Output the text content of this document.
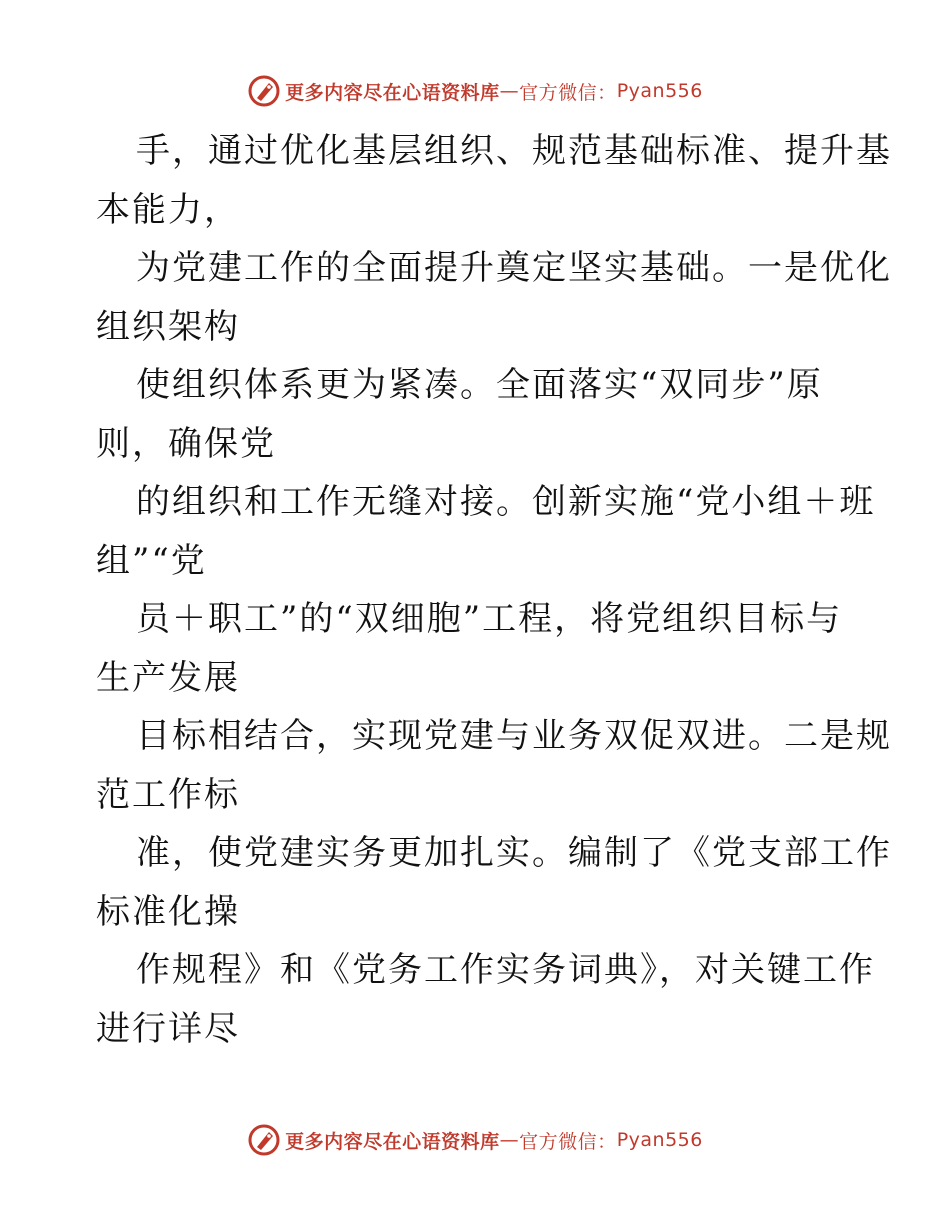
更多内容尽在心语资料库 — 官方微信： Pyan556
手，通过优化基层组织、规范基础标准、提升基
本能力，
为党建工作的全面提升奠定坚实基础。一是优化
组织架构
使组织体系更为紧凑。全面落实“双同步”原
则，确保党
的组织和工作无缝对接。创新实施“党小组＋班
组”“党
员＋职工”的“双细胞”工程，将党组织目标与
生产发展
目标相结合，实现党建与业务双促双进。二是规
范工作标
准，使党建实务更加扎实。编制了《党支部工作
标准化操
作规程》和《党务工作实务词典》，对关键工作
进行详尽
更多内容尽在心语资料库 — 官方微信： Pyan556
